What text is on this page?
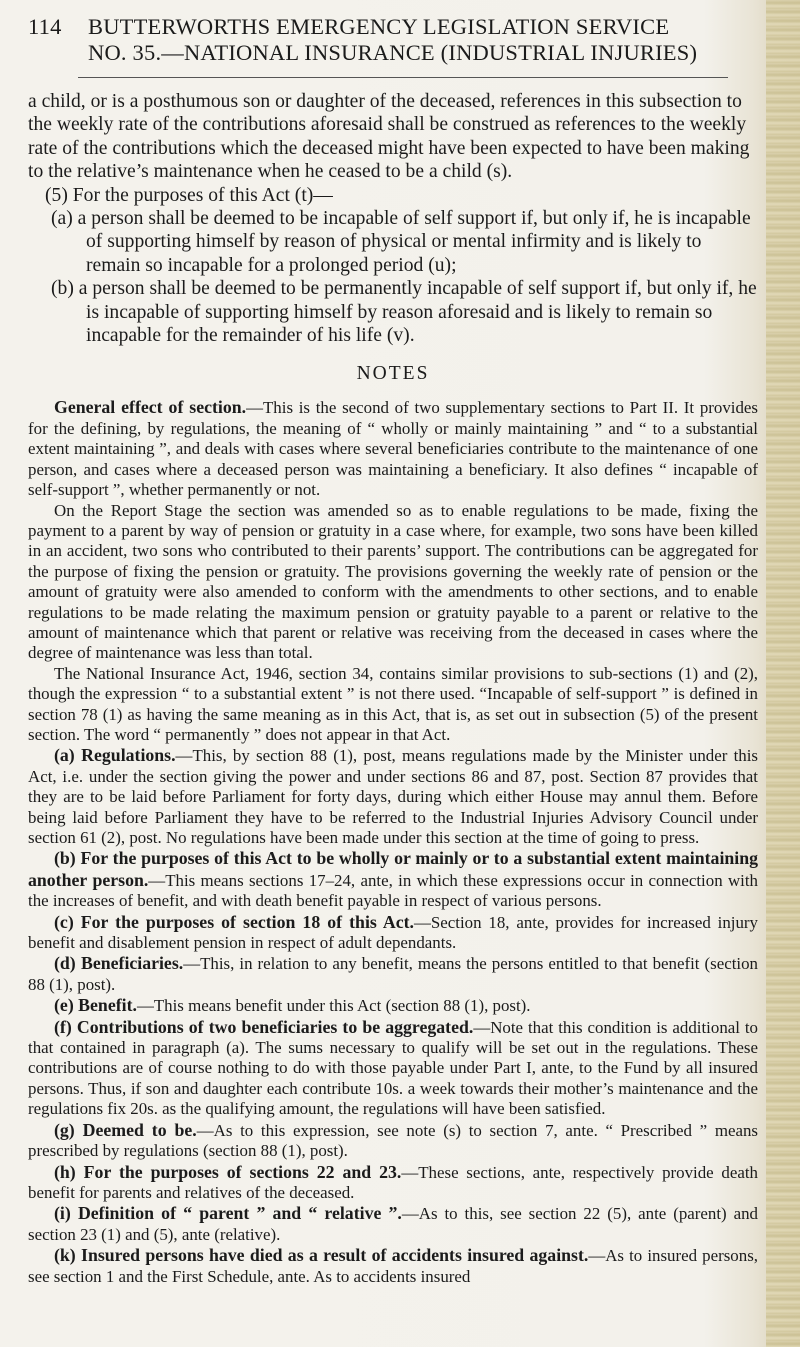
114	BUTTERWORTHS EMERGENCY LEGISLATION SERVICE
NO. 35.—NATIONAL INSURANCE (INDUSTRIAL INJURIES)

a child, or is a posthumous son or daughter of the deceased, references in this subsection to the weekly rate of the contributions aforesaid shall be construed as references to the weekly rate of the contributions which the deceased might have been expected to have been making to the relative’s maintenance when he ceased to be a child (s).

(5) For the purposes of this Act (t)—

(a) a person shall be deemed to be incapable of self support if, but only if, he is incapable of supporting himself by reason of physical or mental infirmity and is likely to remain so incapable for a prolonged period (u);

(b) a person shall be deemed to be permanently incapable of self support if, but only if, he is incapable of supporting himself by reason aforesaid and is likely to remain so incapable for the remainder of his life (v).

NOTES

General effect of section.—This is the second of two supplementary sections to Part II. It provides for the defining, by regulations, the meaning of “ wholly or mainly maintaining ” and “ to a substantial extent maintaining ”, and deals with cases where several beneficiaries contribute to the maintenance of one person, and cases where a deceased person was maintaining a beneficiary. It also defines “ incapable of self-support ”, whether permanently or not.

On the Report Stage the section was amended so as to enable regulations to be made, fixing the payment to a parent by way of pension or gratuity in a case where, for example, two sons have been killed in an accident, two sons who contributed to their parents’ support. The contributions can be aggregated for the purpose of fixing the pension or gratuity. The provisions governing the weekly rate of pension or the amount of gratuity were also amended to conform with the amendments to other sections, and to enable regulations to be made relating the maximum pension or gratuity payable to a parent or relative to the amount of maintenance which that parent or relative was receiving from the deceased in cases where the degree of maintenance was less than total.

The National Insurance Act, 1946, section 34, contains similar provisions to sub-sections (1) and (2), though the expression “ to a substantial extent ” is not there used. “Incapable of self-support ” is defined in section 78 (1) as having the same meaning as in this Act, that is, as set out in subsection (5) of the present section. The word “ permanently ” does not appear in that Act.

(a) Regulations.—This, by section 88 (1), post, means regulations made by the Minister under this Act, i.e. under the section giving the power and under sections 86 and 87, post. Section 87 provides that they are to be laid before Parliament for forty days, during which either House may annul them. Before being laid before Parliament they have to be referred to the Industrial Injuries Advisory Council under section 61 (2), post. No regulations have been made under this section at the time of going to press.

(b) For the purposes of this Act to be wholly or mainly or to a substantial extent maintaining another person.—This means sections 17–24, ante, in which these expressions occur in connection with the increases of benefit, and with death benefit payable in respect of various persons.

(c) For the purposes of section 18 of this Act.—Section 18, ante, provides for increased injury benefit and disablement pension in respect of adult dependants.

(d) Beneficiaries.—This, in relation to any benefit, means the persons entitled to that benefit (section 88 (1), post).

(e) Benefit.—This means benefit under this Act (section 88 (1), post).

(f) Contributions of two beneficiaries to be aggregated.—Note that this condition is additional to that contained in paragraph (a). The sums necessary to qualify will be set out in the regulations. These contributions are of course nothing to do with those payable under Part I, ante, to the Fund by all insured persons. Thus, if son and daughter each contribute 10s. a week towards their mother’s maintenance and the regulations fix 20s. as the qualifying amount, the regulations will have been satisfied.

(g) Deemed to be.—As to this expression, see note (s) to section 7, ante. “ Prescribed ” means prescribed by regulations (section 88 (1), post).

(h) For the purposes of sections 22 and 23.—These sections, ante, respectively provide death benefit for parents and relatives of the deceased.

(i) Definition of “ parent ” and “ relative ”.—As to this, see section 22 (5), ante (parent) and section 23 (1) and (5), ante (relative).

(k) Insured persons have died as a result of accidents insured against.—As to insured persons, see section 1 and the First Schedule, ante. As to accidents insured
